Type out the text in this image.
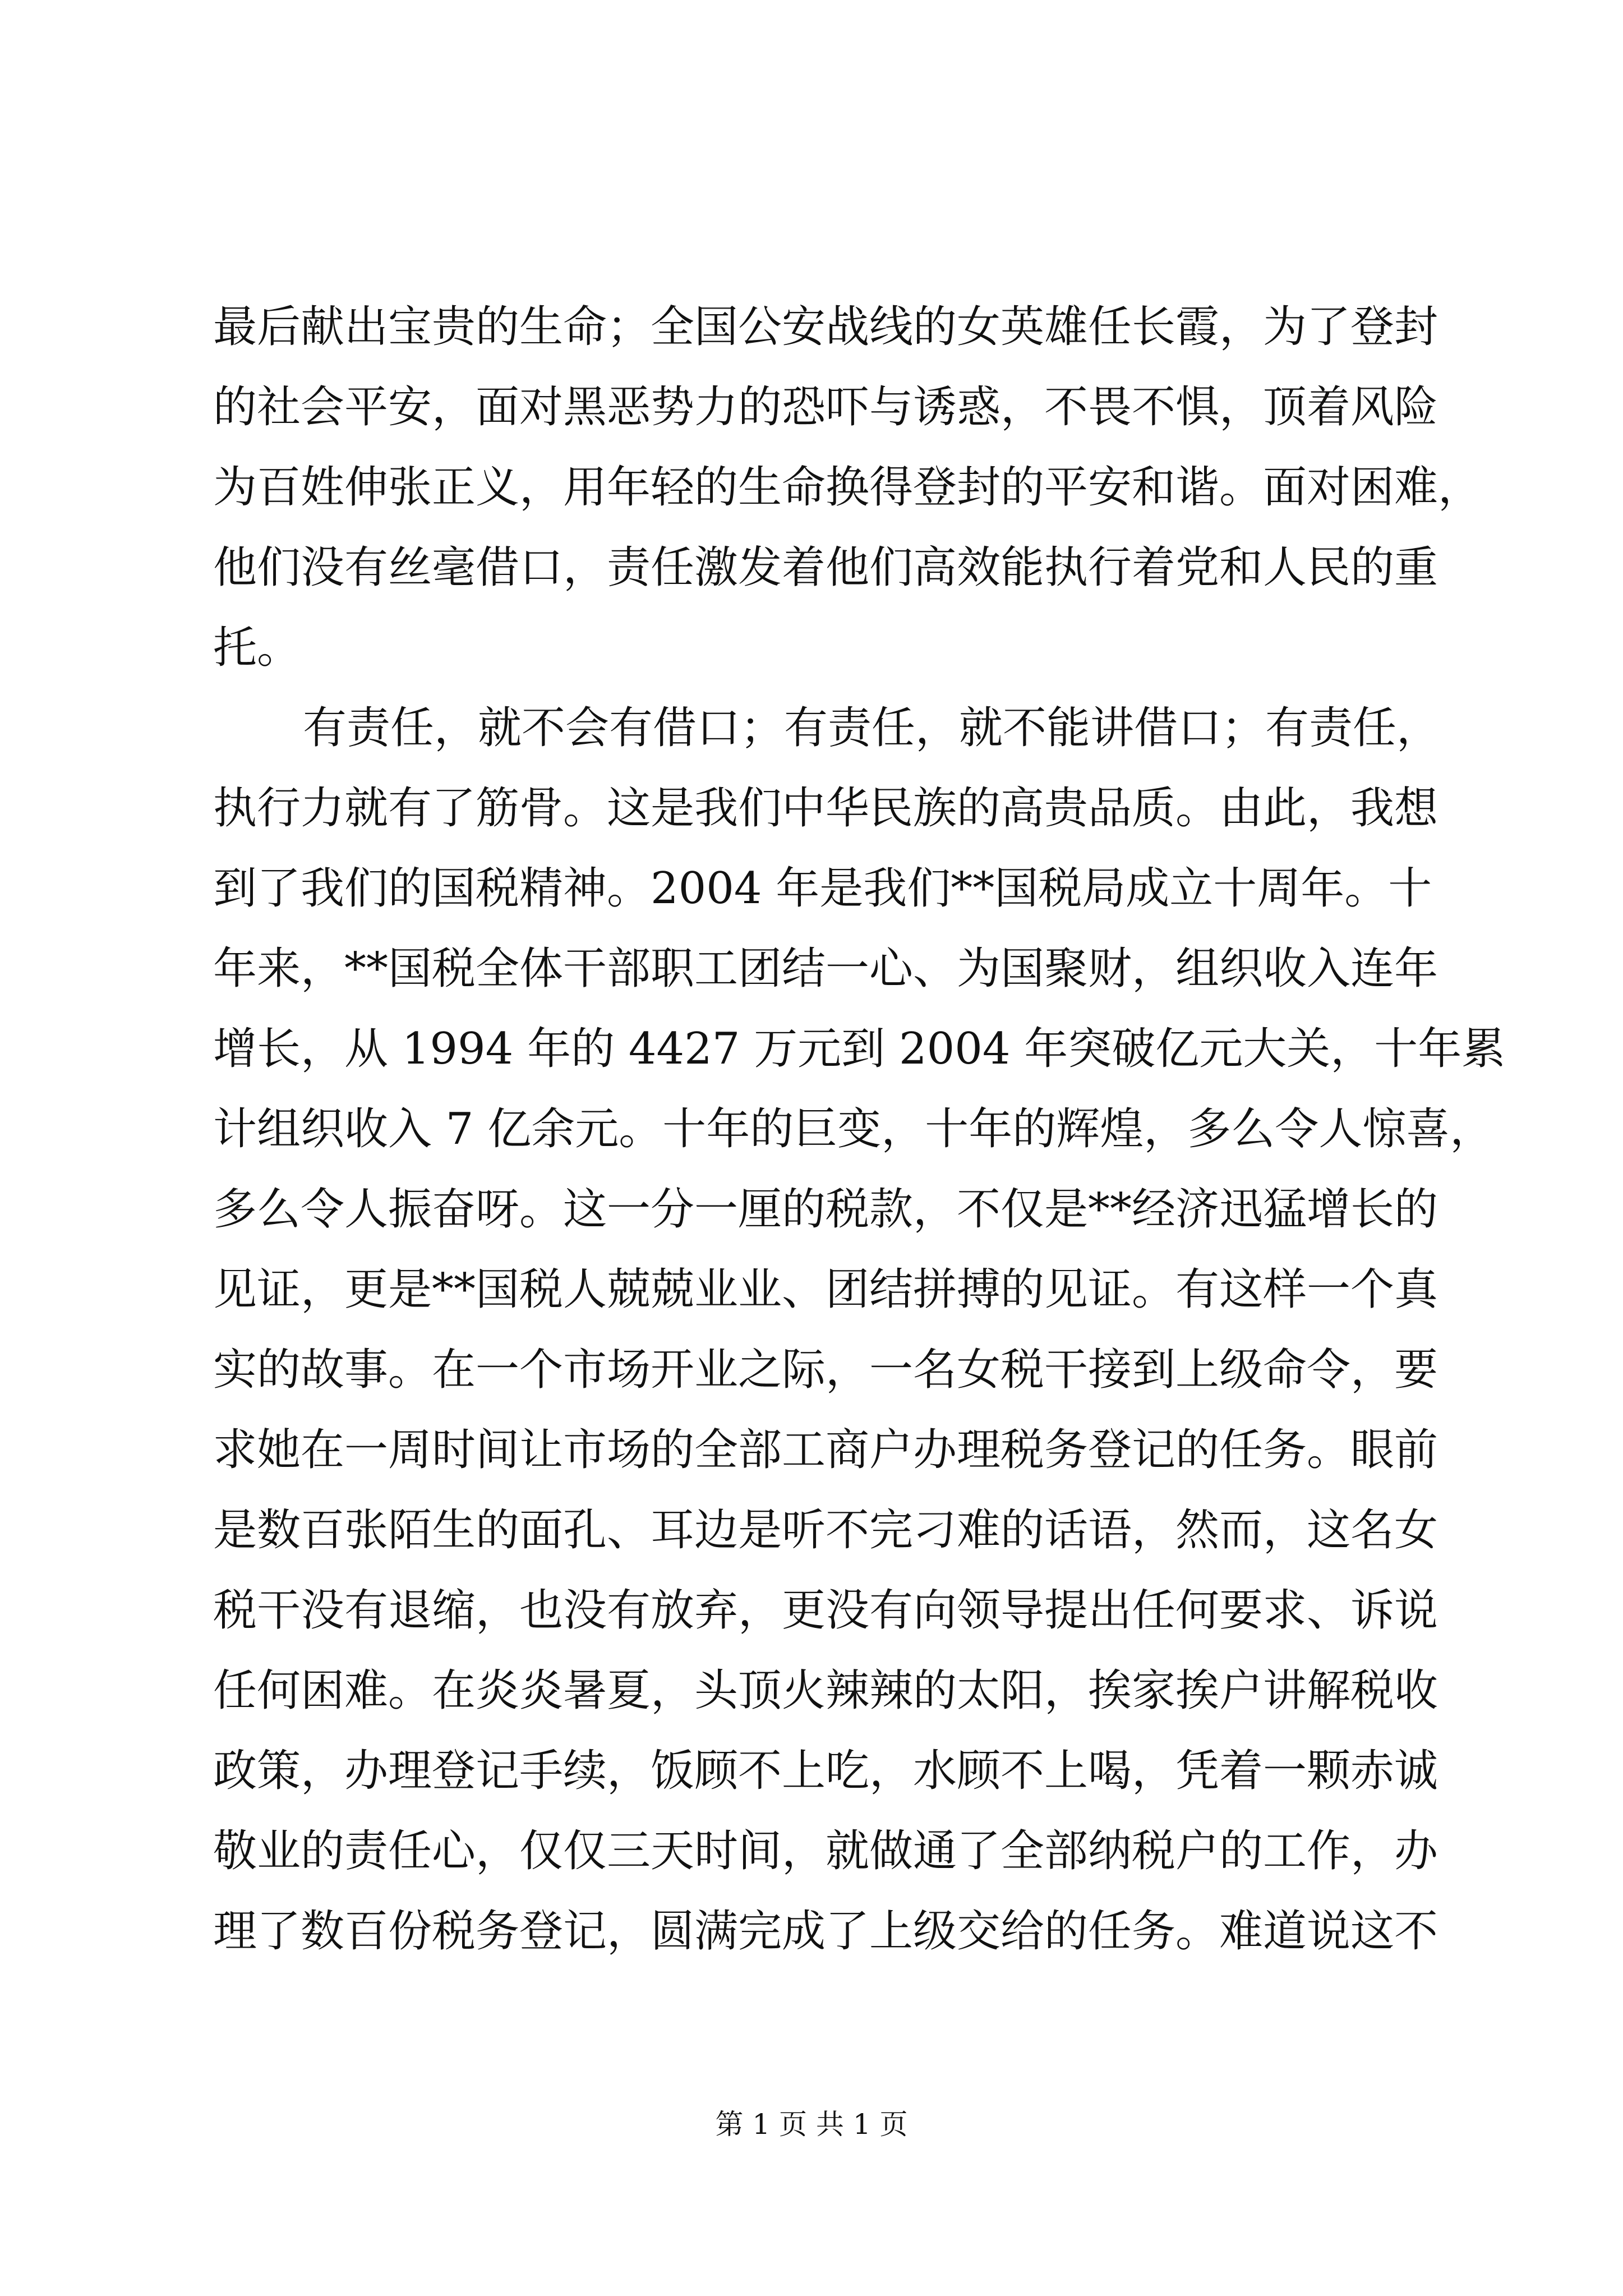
最后献出宝贵的生命；全国公安战线的女英雄任长霞，为了登封
的社会平安，面对黑恶势力的恐吓与诱惑，不畏不惧，顶着风险
为百姓伸张正义，用年轻的生命换得登封的平安和谐。面对困难，
他们没有丝毫借口，责任激发着他们高效能执行着党和人民的重
托。
有责任，就不会有借口；有责任，就不能讲借口；有责任，
执行力就有了筋骨。这是我们中华民族的高贵品质。由此，我想
到了我们的国税精神。2004 年是我们**国税局成立十周年。十
年来，**国税全体干部职工团结一心、为国聚财，组织收入连年
增长，从 1994 年的 4427 万元到 2004 年突破亿元大关，十年累
计组织收入 7 亿余元。十年的巨变，十年的辉煌，多么令人惊喜，
多么令人振奋呀。这一分一厘的税款，不仅是**经济迅猛增长的
见证，更是**国税人兢兢业业、团结拼搏的见证。有这样一个真
实的故事。在一个市场开业之际，一名女税干接到上级命令，要
求她在一周时间让市场的全部工商户办理税务登记的任务。眼前
是数百张陌生的面孔、耳边是听不完刁难的话语，然而，这名女
税干没有退缩，也没有放弃，更没有向领导提出任何要求、诉说
任何困难。在炎炎暑夏，头顶火辣辣的太阳，挨家挨户讲解税收
政策，办理登记手续，饭顾不上吃，水顾不上喝，凭着一颗赤诚
敬业的责任心，仅仅三天时间，就做通了全部纳税户的工作，办
理了数百份税务登记，圆满完成了上级交给的任务。难道说这不
第 1 页 共 1 页
